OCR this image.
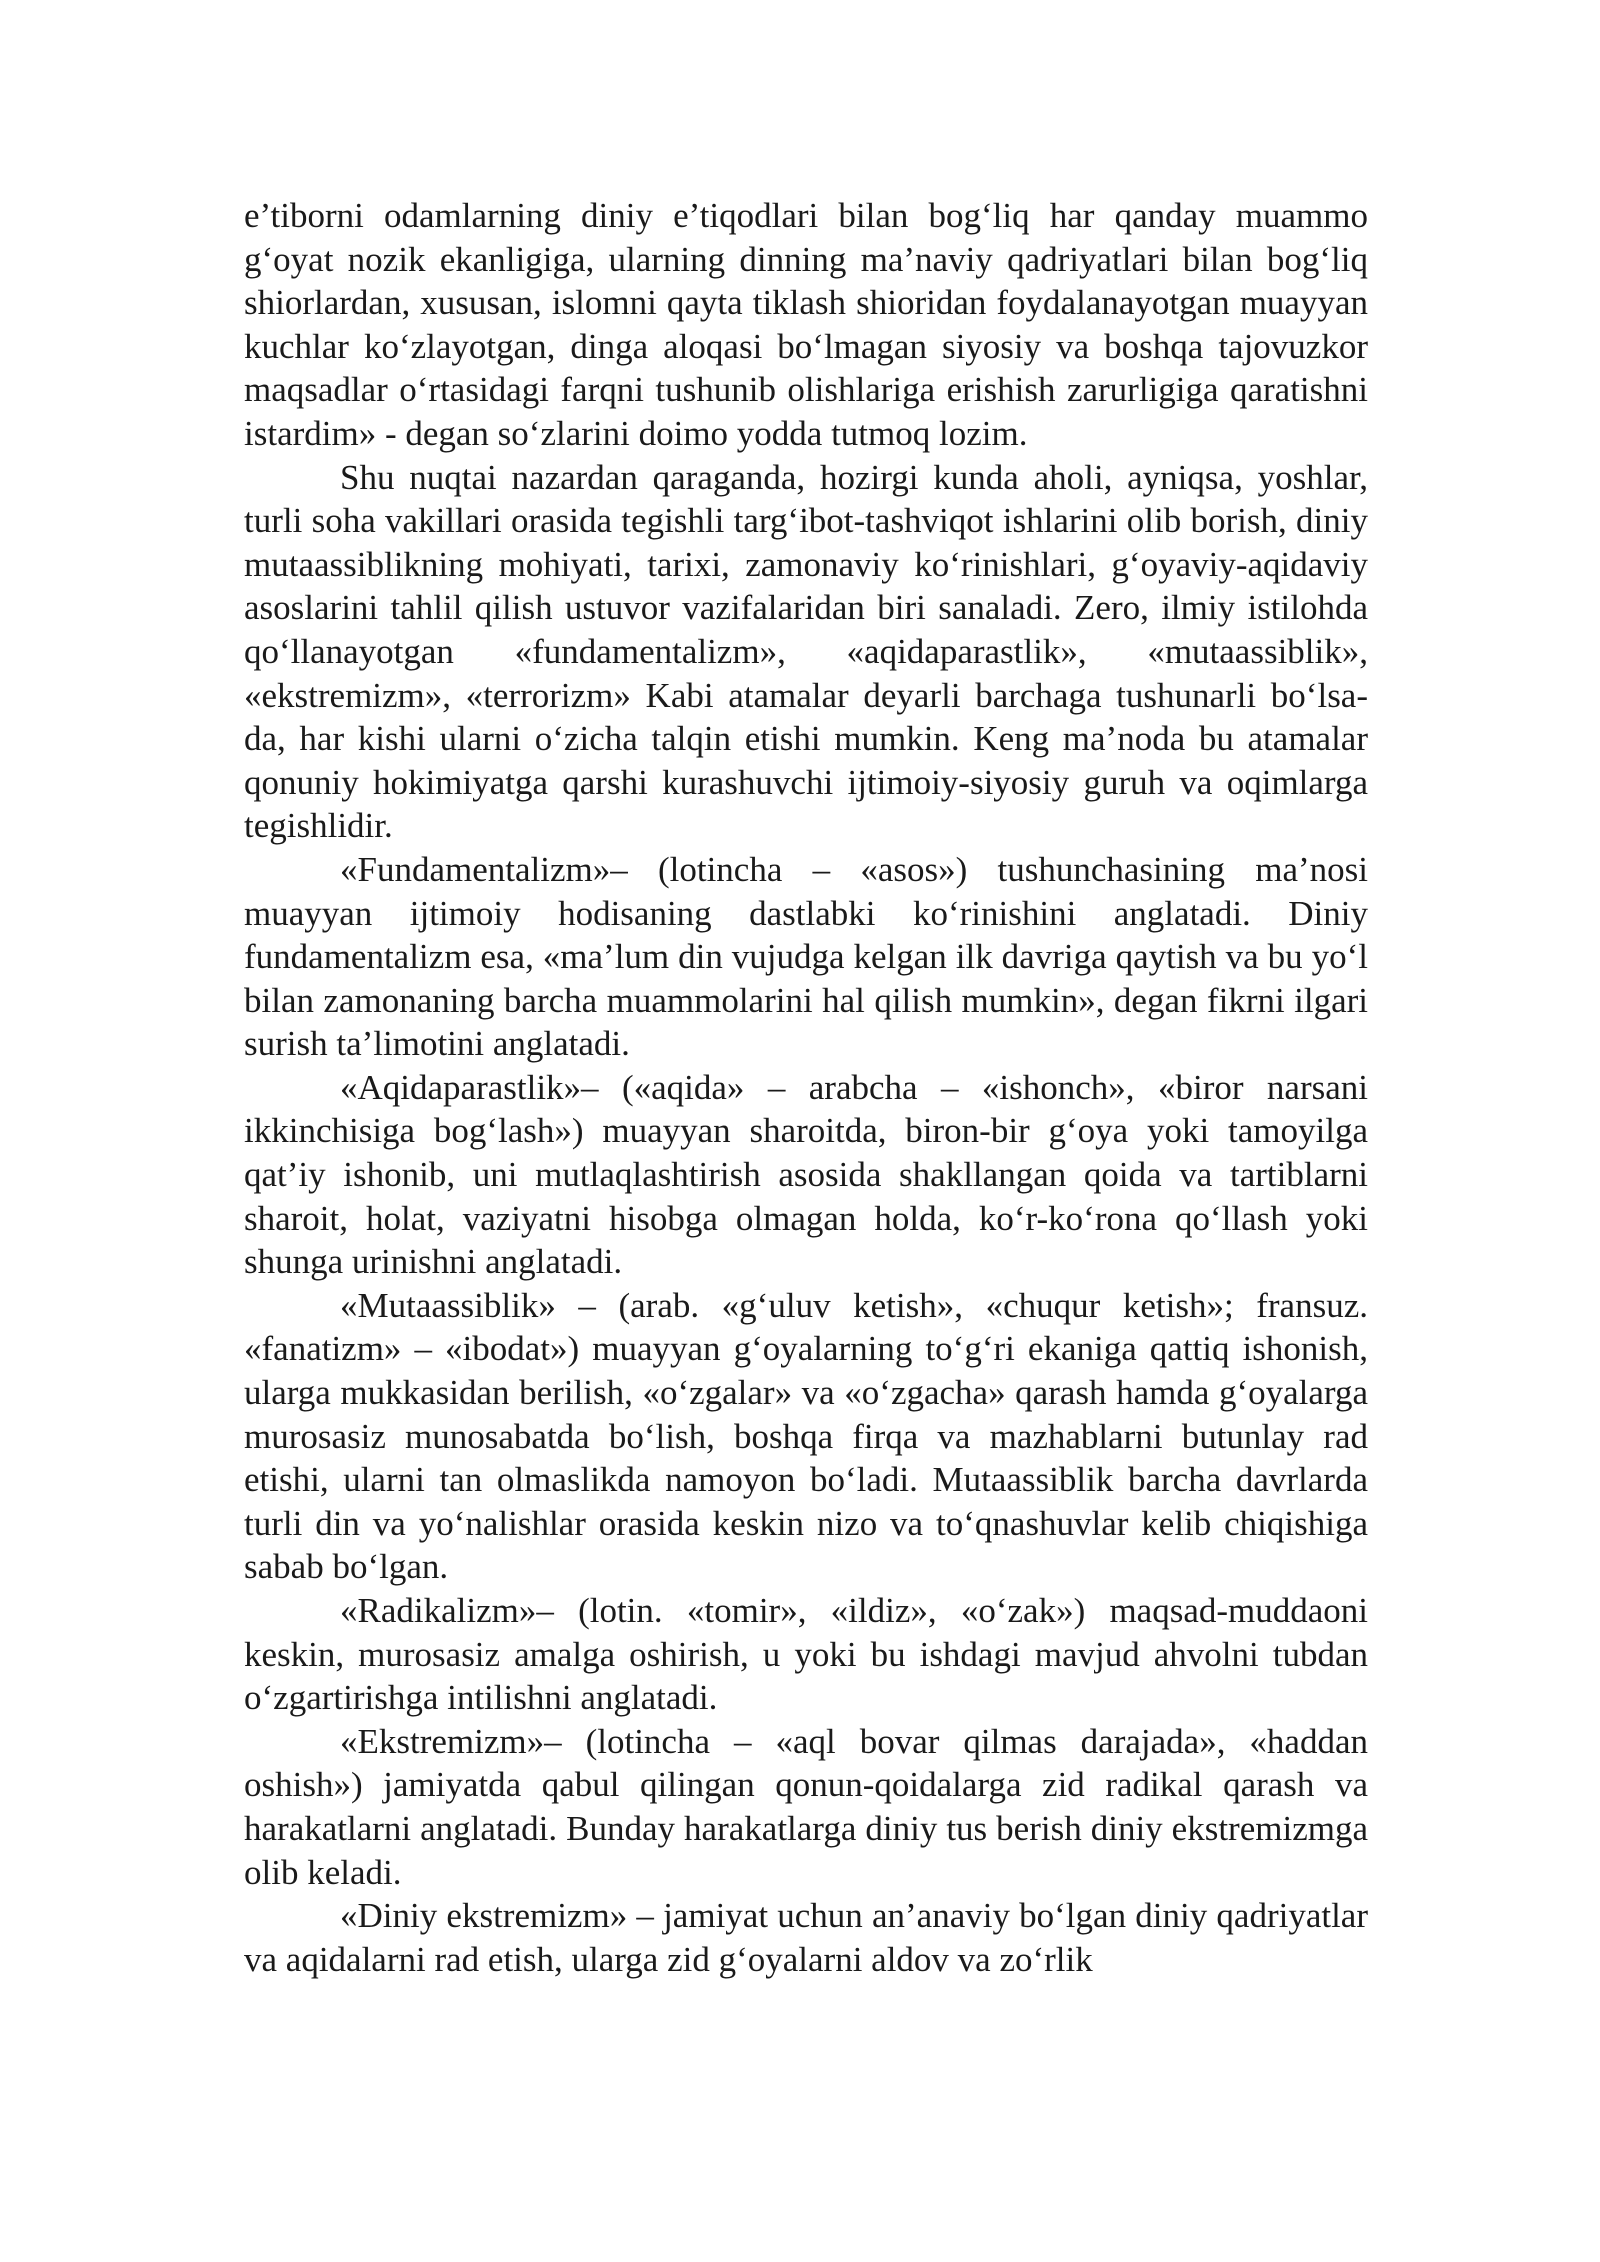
e’tiborni odamlarning diniy e’tiqodlari bilan bog‘liq har qanday muammo g‘oyat nozik ekanligiga, ularning dinning ma’naviy qadriyatlari bilan bog‘liq shiorlardan, xususan, islomni qayta tiklash shioridan foydalanayotgan muayyan kuchlar ko‘zlayotgan, dinga aloqasi bo‘lmagan siyosiy va boshqa tajovuzkor maqsadlar o‘rtasidagi farqni tushunib olishlariga erishish zarurligiga qaratishni istardim» - degan so‘zlarini doimo yodda tutmoq lozim.

Shu nuqtai nazardan qaraganda, hozirgi kunda aholi, ayniqsa, yoshlar, turli soha vakillari orasida tegishli targ‘ibot-tashviqot ishlarini olib borish, diniy mutaassiblikning mohiyati, tarixi, zamonaviy ko‘rinishlari, g‘oyaviy-aqidaviy asoslarini tahlil qilish ustuvor vazifalaridan biri sanaladi. Zero, ilmiy istilohda qo‘llanayotgan «fundamentalizm», «aqidaparastlik», «mutaassiblik», «ekstremizm», «terrorizm» Kabi atamalar deyarli barchaga tushunarli bo‘lsa-da, har kishi ularni o‘zicha talqin etishi mumkin. Keng ma’noda bu atamalar qonuniy hokimiyatga qarshi kurashuvchi ijtimoiy-siyosiy guruh va oqimlarga tegishlidir.

«Fundamentalizm»– (lotincha – «asos») tushunchasining ma’nosi muayyan ijtimoiy hodisaning dastlabki ko‘rinishini anglatadi. Diniy fundamentalizm esa, «ma’lum din vujudga kelgan ilk davriga qaytish va bu yo‘l bilan zamonaning barcha muammolarini hal qilish mumkin», degan fikrni ilgari surish ta’limotini anglatadi.

«Aqidaparastlik»– («aqida» – arabcha – «ishonch», «biror narsani ikkinchisiga bog‘lash») muayyan sharoitda, biron-bir g‘oya yoki tamoyilga qat’iy ishonib, uni mutlaqlashtirish asosida shakllangan qoida va tartiblarni sharoit, holat, vaziyatni hisobga olmagan holda, ko‘r-ko‘rona qo‘llash yoki shunga urinishni anglatadi.

«Mutaassiblik» – (arab. «g‘uluv ketish», «chuqur ketish»; fransuz. «fanatizm» – «ibodat») muayyan g‘oyalarning to‘g‘ri ekaniga qattiq ishonish, ularga mukkasidan berilish, «o‘zgalar» va «o‘zgacha» qarash hamda g‘oyalarga murosasiz munosabatda bo‘lish, boshqa firqa va mazhablarni butunlay rad etishi, ularni tan olmaslikda namoyon bo‘ladi. Mutaassiblik barcha davrlarda turli din va yo‘nalishlar orasida keskin nizo va to‘qnashuvlar kelib chiqishiga sabab bo‘lgan.

«Radikalizm»– (lotin. «tomir», «ildiz», «o‘zak») maqsad-muddaoni keskin, murosasiz amalga oshirish, u yoki bu ishdagi mavjud ahvolni tubdan o‘zgartirishga intilishni anglatadi.

«Ekstremizm»– (lotincha – «aql bovar qilmas darajada», «haddan oshish») jamiyatda qabul qilingan qonun-qoidalarga zid radikal qarash va harakatlarni anglatadi. Bunday harakatlarga diniy tus berish diniy ekstremizmga olib keladi.

«Diniy ekstremizm» – jamiyat uchun an’anaviy bo‘lgan diniy qadriyatlar va aqidalarni rad etish, ularga zid g‘oyalarni aldov va zo‘rlik
